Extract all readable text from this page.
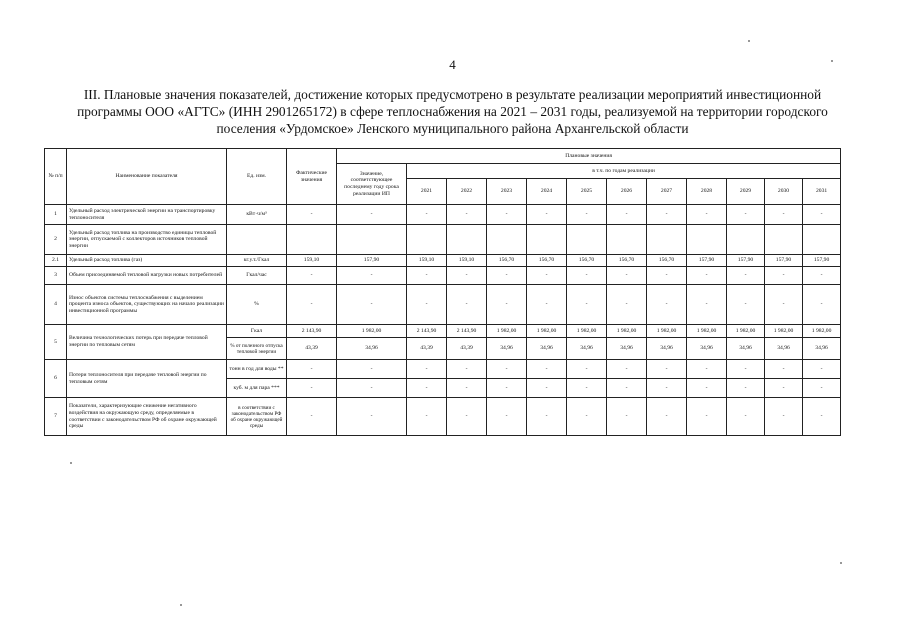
4
III. Плановые значения показателей, достижение которых предусмотрено в результате реализации мероприятий инвестиционной программы ООО «АГТС» (ИНН 2901265172) в сфере теплоснабжения на 2021 – 2031 годы, реализуемой на территории городского поселения «Урдомское» Ленского муниципального района Архангельской области
№ п/п	Наименование показателя	Ед. изм.	Фактические значения	Плановые значения											
				Значение, соответствующее последнему году срока реализации ИП	в т.ч. по годам реализации										
					2021	2022	2023	2024	2025	2026	2027	2028	2029	2030	2031
1	Удельный расход электрической энергии на транспортировку теплоносителя	кВт·ч/м³	-	-	-	-	-	-	-	-	-	-	-	-	-
2	Удельный расход топлива на производство единицы тепловой энергии, отпускаемой с коллекторов источников тепловой энергии														
2.1	Удельный расход топлива (газ)	кг.у.т./Гкал	159,10	157,90	159,10	159,10	156,70	156,70	156,70	156,70	156,70	157,90	157,90	157,90	157,90
3	Объем присоединяемой тепловой нагрузки новых потребителей	Гкал/час	-	-	-	-	-	-	-	-	-	-	-	-	-
4	Износ объектов системы теплоснабжения с выделением процента износа объектов, существующих на начало реализации инвестиционной программы	%	-	-	-	-	-	-	-	-	-	-	-	-	-
5	Величина технологических потерь при передаче тепловой энергии по тепловым сетям	Гкал	2 143,90	1 982,00	2 143,90	2 143,90	1 982,00	1 982,00	1 982,00	1 982,00	1 982,00	1 982,00	1 982,00	1 982,00	1 982,00
		% от полезного отпуска тепловой энергии	43,39	34,96	43,39	43,39	34,96	34,96	34,96	34,96	34,96	34,96	34,96	34,96	34,96
6	Потери теплоносителя при передаче тепловой энергии по тепловым сетям	тонн в год для воды **	-	-	-	-	-	-	-	-	-	-	-	-	-
		куб. м для пара ***	-	-	-	-	-	-	-	-	-	-	-	-	-
7	Показатели, характеризующие снижение негативного воздействия на окружающую среду, определяемые в соответствии с законодательством РФ об охране окружающей среды	в соответствии с законодательством РФ об охране окружающей среды	-	-	-	-	-	-	-	-	-	-	-	-	-
